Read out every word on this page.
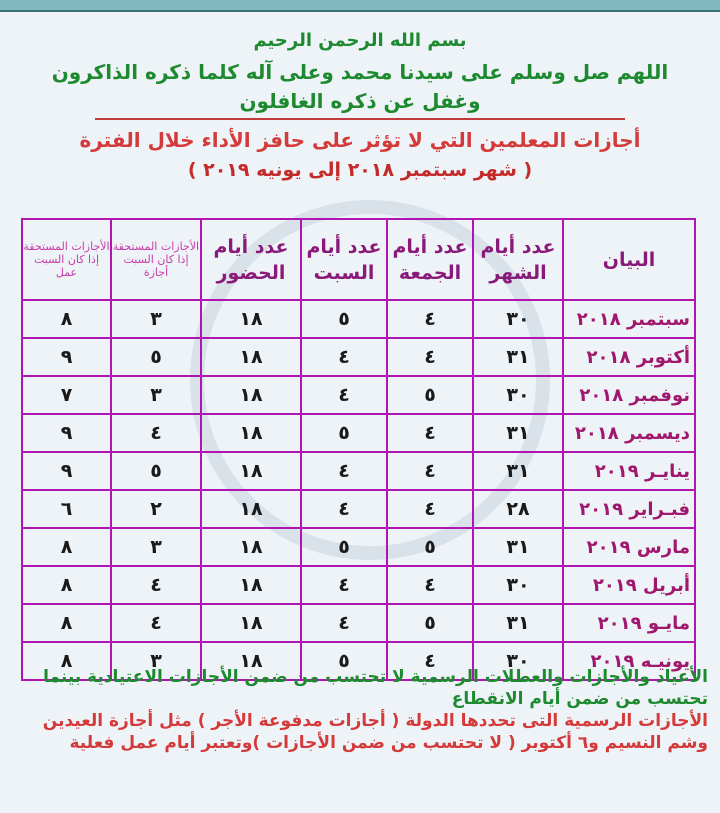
بسم الله الرحمن الرحيم
اللهم صل وسلم على سيدنا محمد وعلى آله كلما ذكره الذاكرون وغفل عن ذكره الغافلون
أجازات المعلمين التي لا تؤثر على حافز الأداء خلال الفترة
( شهر سبتمبر ٢٠١٨ إلى يونيه ٢٠١٩ )
البيان	عدد أيام الشهر	عدد أيام الجمعة	عدد أيام السبت	عدد أيام الحضور	الأجازات المستحقة إذا كان السبت أجازة	الأجازات المستحقة إذا كان السبت عمل
سبتمبر ٢٠١٨	٣٠	٤	٥	١٨	٣	٨
أكتوبر ٢٠١٨	٣١	٤	٤	١٨	٥	٩
نوفمبر ٢٠١٨	٣٠	٥	٤	١٨	٣	٧
ديسمبر ٢٠١٨	٣١	٤	٥	١٨	٤	٩
ينايـر ٢٠١٩	٣١	٤	٤	١٨	٥	٩
فبـراير ٢٠١٩	٢٨	٤	٤	١٨	٢	٦
مارس ٢٠١٩	٣١	٥	٥	١٨	٣	٨
أبريل ٢٠١٩	٣٠	٤	٤	١٨	٤	٨
مايـو ٢٠١٩	٣١	٥	٤	١٨	٤	٨
يونيـه ٢٠١٩	٣٠	٤	٥	١٨	٣	٨
الأعياد والأجازات والعطلات الرسمية لا تحتسب من ضمن الأجازات الاعتيادية بينما تحتسب من ضمن أيام الانقطاع
الأجازات الرسمية التى تحددها الدولة ( أجازات مدفوعة الأجر ) مثل أجازة العيدين وشم النسيم و٦ أكتوبر ( لا تحتسب من ضمن الأجازات )وتعتبر أيام عمل فعلية
